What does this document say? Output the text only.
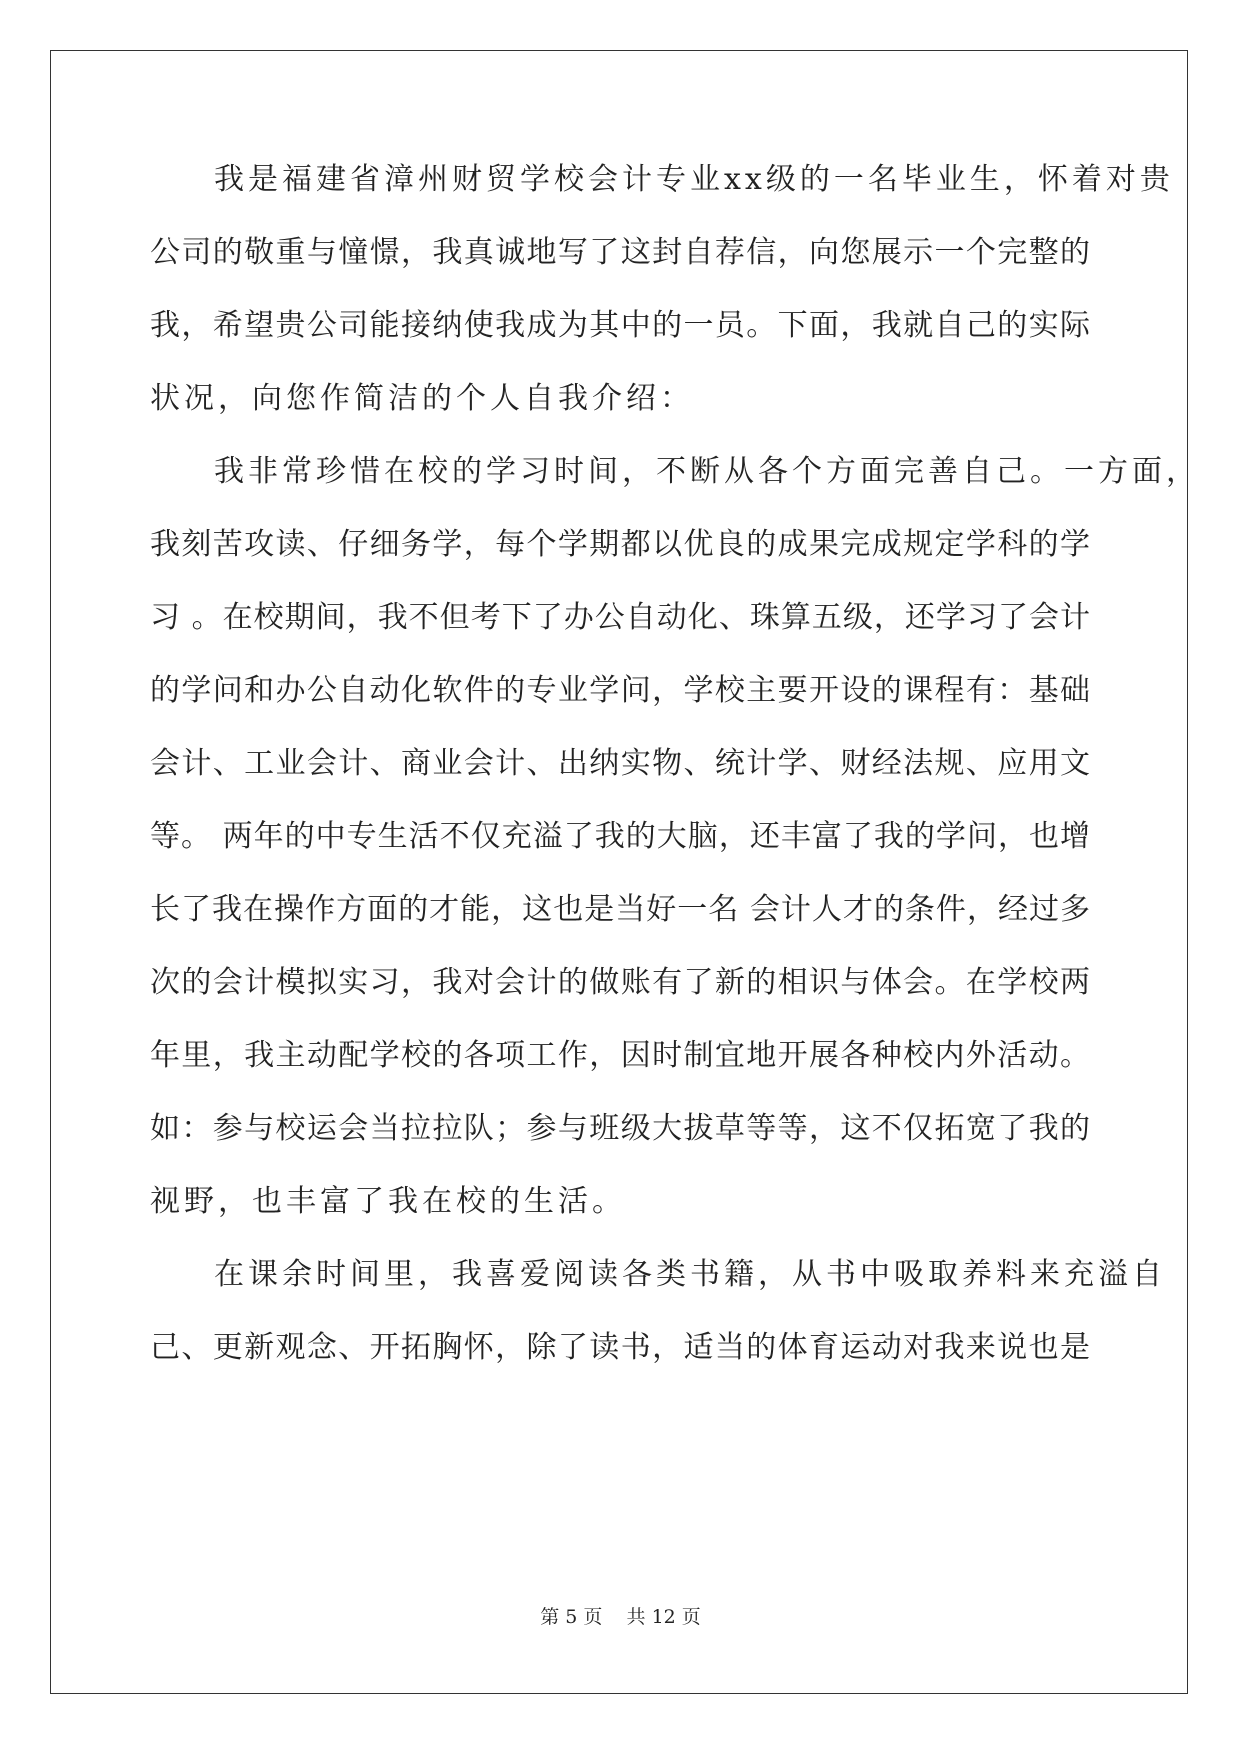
我是福建省漳州财贸学校会计专业xx级的一名毕业生，怀着对贵
公司的敬重与憧憬，我真诚地写了这封自荐信，向您展示一个完整的
我，希望贵公司能接纳使我成为其中的一员。下面，我就自己的实际
状况，向您作简洁的个人自我介绍：
我非常珍惜在校的学习时间，不断从各个方面完善自己。一方面，
我刻苦攻读、仔细务学，每个学期都以优良的成果完成规定学科的学
习 。在校期间，我不但考下了办公自动化、珠算五级，还学习了会计
的学问和办公自动化软件的专业学问，学校主要开设的课程有：基础
会计、工业会计、商业会计、出纳实物、统计学、财经法规、应用文
等。 两年的中专生活不仅充溢了我的大脑，还丰富了我的学问，也增
长了我在操作方面的才能，这也是当好一名 会计人才的条件，经过多
次的会计模拟实习，我对会计的做账有了新的相识与体会。在学校两
年里，我主动配学校的各项工作，因时制宜地开展各种校内外活动。
如：参与校运会当拉拉队；参与班级大拔草等等，这不仅拓宽了我的
视野，也丰富了我在校的生活。
在课余时间里，我喜爱阅读各类书籍，从书中吸取养料来充溢自
己、更新观念、开拓胸怀，除了读书，适当的体育运动对我来说也是
第 5 页    共 12 页
